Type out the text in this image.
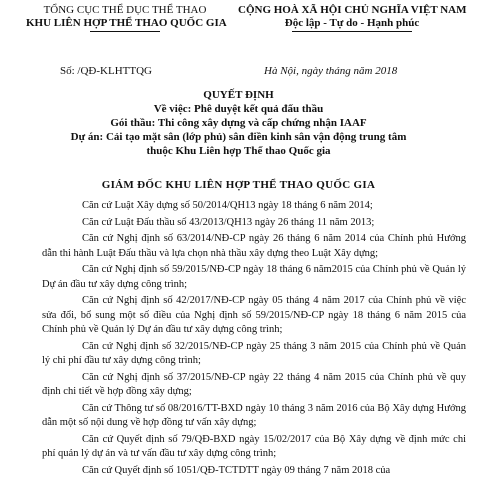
TỔNG CỤC THỂ DỤC THỂ THAO
KHU LIÊN HỢP THỂ THAO QUỐC GIA
CỘNG HOÀ XÃ HỘI CHỦ NGHĨA VIỆT NAM
Độc lập - Tự do - Hạnh phúc
Số: /QĐ-KLHTTQG	Hà Nội, ngày tháng năm 2018
QUYẾT ĐỊNH
Về việc: Phê duyệt kết quả đấu thầu
Gói thầu: Thi công xây dựng và cấp chứng nhận IAAF
Dự án: Cải tạo mặt sân (lớp phủ) sân điền kinh sân vận động trung tâm
thuộc Khu Liên hợp Thể thao Quốc gia
GIÁM ĐỐC KHU LIÊN HỢP THỂ THAO QUỐC GIA

Căn cứ Luật Xây dựng số 50/2014/QH13 ngày 18 tháng 6 năm 2014;

Căn cứ Luật Đấu thầu số 43/2013/QH13 ngày 26 tháng 11 năm 2013;

Căn cứ Nghị định số 63/2014/NĐ-CP ngày 26 tháng 6 năm 2014 của Chính phủ Hướng dẫn thi hành Luật Đấu thầu và lựa chọn nhà thầu xây dựng theo Luật Xây dựng;

Căn cứ Nghị định số 59/2015/NĐ-CP ngày 18 tháng 6 năm2015 của Chính phủ về Quản lý Dự án đầu tư xây dựng công trình;

Căn cứ Nghị định số 42/2017/NĐ-CP ngày 05 tháng 4 năm 2017 của Chính phủ về việc sửa đổi, bổ sung một số điều của Nghị định số 59/2015/NĐ-CP ngày 18 tháng 6 năm 2015 của Chính phủ về Quản lý Dự án đầu tư xây dựng công trình;

Căn cứ Nghị định số 32/2015/NĐ-CP ngày 25 tháng 3 năm 2015 của Chính phủ về Quản lý chi phí đầu tư xây dựng công trình;

Căn cứ Nghị định số 37/2015/NĐ-CP ngày 22 tháng 4 năm 2015 của Chính phủ về quy định chi tiết về hợp đồng xây dựng;

Căn cứ Thông tư số 08/2016/TT-BXD ngày 10 tháng 3 năm 2016 của Bộ Xây dựng Hướng dẫn một số nội dung về hợp đồng tư vấn xây dựng;

Căn cứ Quyết định số 79/QĐ-BXD ngày 15/02/2017 của Bộ Xây dựng về định mức chi phí quản lý dự án và tư vấn đầu tư xây dựng công trình;

Căn cứ Quyết định số 1051/QĐ-TCTDTT ngày 09 tháng 7 năm 2018 của
